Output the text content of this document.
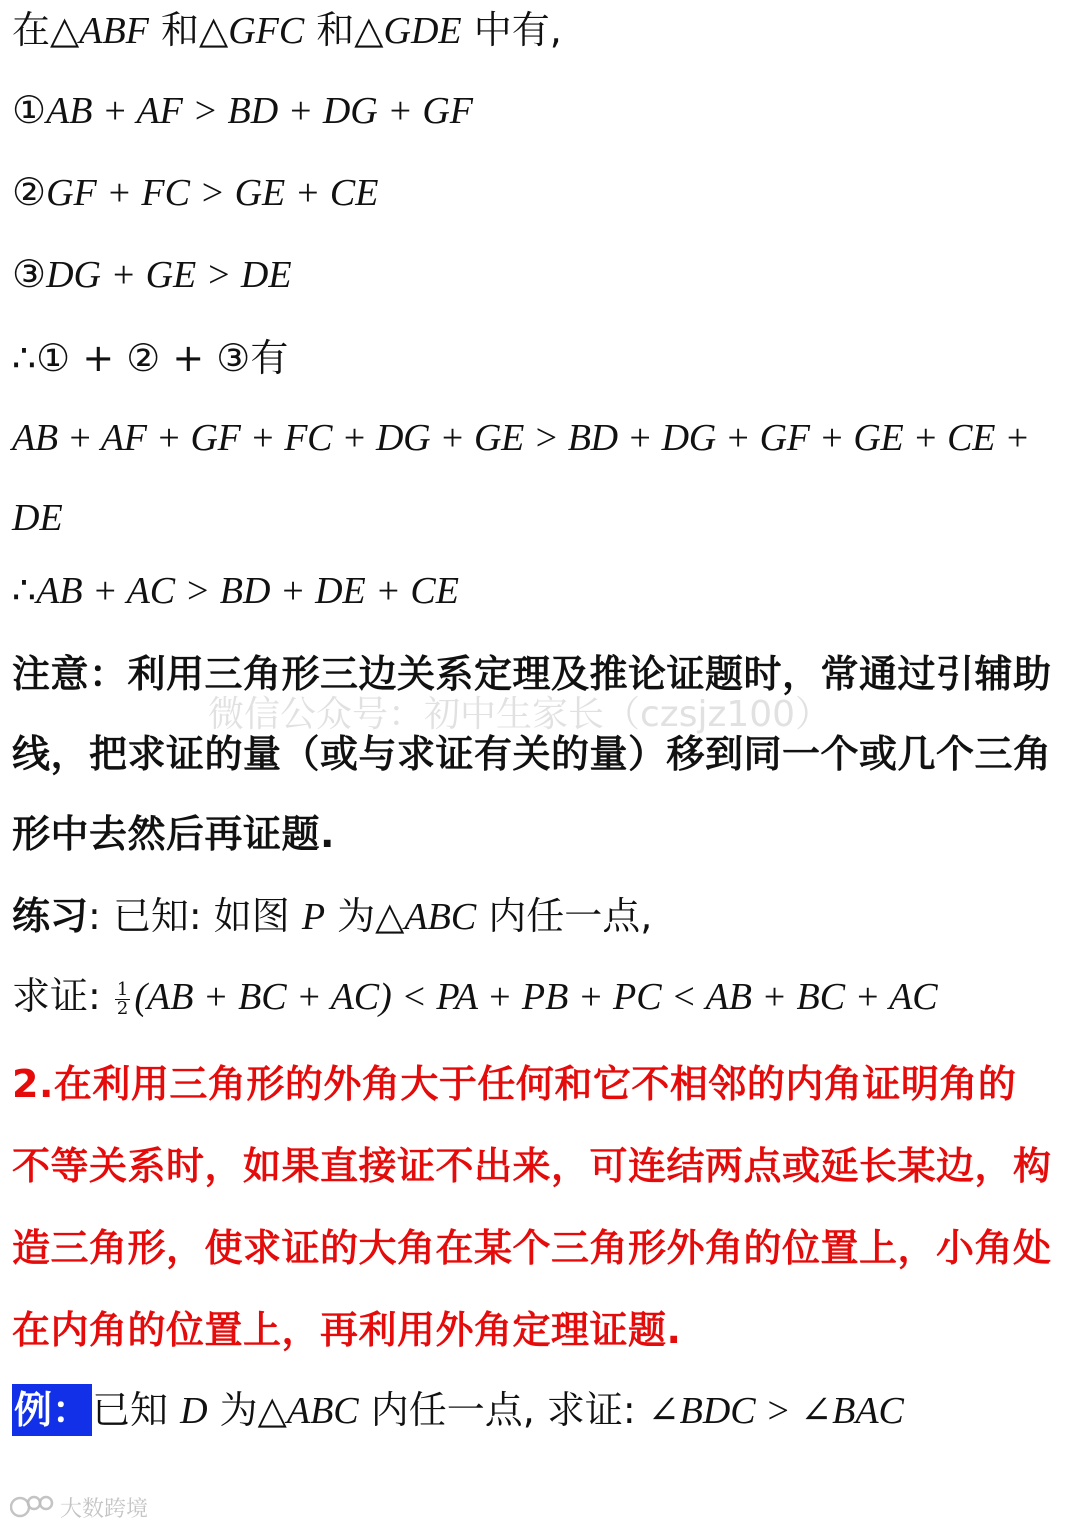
在△ABF 和△GFC 和△GDE 中有,
①AB + AF > BD + DG + GF
②GF + FC > GE + CE
③DG + GE > DE
∴① + ② + ③有
AB + AF + GF + FC + DG + GE > BD + DG + GF + GE + CE +
DE
∴AB + AC > BD + DE + CE
注意：利用三角形三边关系定理及推论证题时，常通过引辅助
微信公众号：初中生家长（czsjz100）
线，把求证的量（或与求证有关的量）移到同一个或几个三角
形中去然后再证题.
练习: 已知: 如图 P 为△ABC 内任一点,
求证: $\frac{1}{2} (AB$ + BC + AC) < PA + PB + PC < AB + BC + AC
2.在利用三角形的外角大于任何和它不相邻的内角证明角的
不等关系时，如果直接证不出来，可连结两点或延长某边，构
造三角形，使求证的大角在某个三角形外角的位置上，小角处
在内角的位置上，再利用外角定理证题.
例：已知 D 为△ABC 内任一点, 求证: ∠BDC > ∠BAC
大数跨境
